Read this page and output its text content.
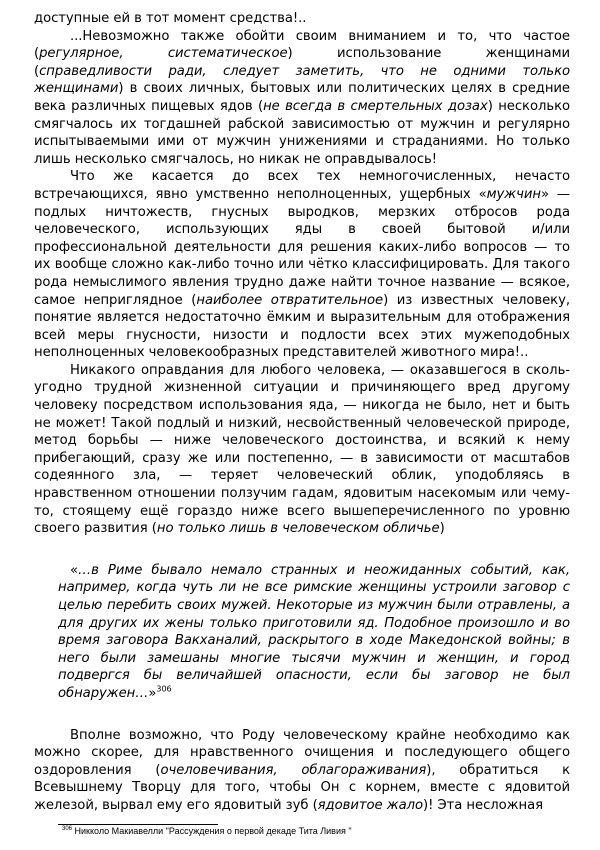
доступные ей в тот момент средства!..

...Невозможно также обойти своим вниманием и то, что частое (регулярное, систематическое) использование женщинами (справедливости ради, следует заметить, что не одними только женщинами) в своих личных, бытовых или политических целях в средние века различных пищевых ядов (не всегда в смертельных дозах) несколько смягчалось их тогдашней рабской зависимостью от мужчин и регулярно испытываемыми ими от мужчин унижениями и страданиями. Но только лишь несколько смягчалось, но никак не оправдывалось!

Что же касается до всех тех немногочисленных, нечасто встречающихся, явно умственно неполноценных, ущербных «мужчин» — подлых ничтожеств, гнусных выродков, мерзких отбросов рода человеческого, использующих яды в своей бытовой и/или профессиональной деятельности для решения каких-либо вопросов — то их вообще сложно как-либо точно или чётко классифицировать. Для такого рода немыслимого явления трудно даже найти точное название — всякое, самое неприглядное (наиболее отвратительное) из известных человеку, понятие является недостаточно ёмким и выразительным для отображения всей меры гнусности, низости и подлости всех этих мужеподобных неполноценных человекообразных представителей животного мира!..

Никакого оправдания для любого человека, — оказавшегося в сколь-угодно трудной жизненной ситуации и причиняющего вред другому человеку посредством использования яда, — никогда не было, нет и быть не может! Такой подлый и низкий, несвойственный человеческой природе, метод борьбы — ниже человеческого достоинства, и всякий к нему прибегающий, сразу же или постепенно, — в зависимости от масштабов содеянного зла, — теряет человеческий облик, уподобляясь в нравственном отношении ползучим гадам, ядовитым насекомым или чему-то, стоящему ещё гораздо ниже всего вышеперечисленного по уровню своего развития (но только лишь в человеческом обличье)

«…в Риме бывало немало странных и неожиданных событий, как, например, когда чуть ли не все римские женщины устроили заговор с целью перебить своих мужей. Некоторые из мужчин были отравлены, а для других их жены только приготовили яд. Подобное произошло и во время заговора Вакханалий, раскрытого в ходе Македонской войны; в него были замешаны многие тысячи мужчин и женщин, и город подвергся бы величайшей опасности, если бы заговор не был обнаружен…»$^{306}$

Вполне возможно, что Роду человеческому крайне необходимо как можно скорее, для нравственного очищения и последующего общего оздоровления (очеловечивания, облагораживания), обратиться к Всевышнему Творцу для того, чтобы Он с корнем, вместе с ядовитой железой, вырвал ему его ядовитый зуб (ядовитое жало)! Эта несложная

$^{306}$ Никколо Макиавелли "Рассуждения о первой декаде Тита Ливия "
